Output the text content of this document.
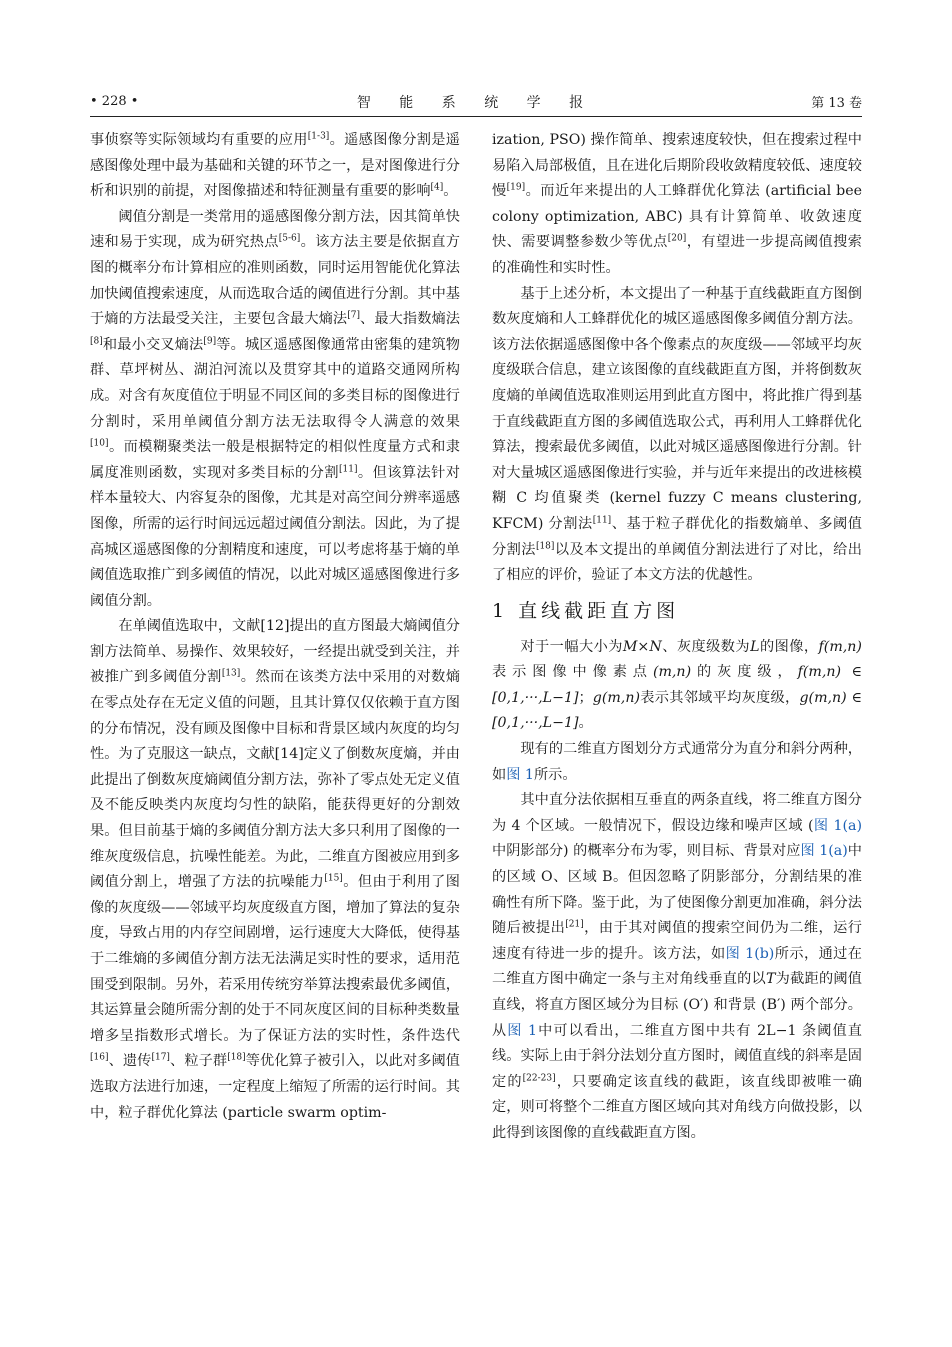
• 228 •	智 能 系 统 学 报	第 13 卷

事侦察等实际领域均有重要的应用[1-3]。遥感图像分割是遥感图像处理中最为基础和关键的环节之一，是对图像进行分析和识别的前提，对图像描述和特征测量有重要的影响[4]。

阈值分割是一类常用的遥感图像分割方法，因其简单快速和易于实现，成为研究热点[5-6]。该方法主要是依据直方图的概率分布计算相应的准则函数，同时运用智能优化算法加快阈值搜索速度，从而选取合适的阈值进行分割。其中基于熵的方法最受关注，主要包含最大熵法[7]、最大指数熵法[8]和最小交叉熵法[9]等。城区遥感图像通常由密集的建筑物群、草坪树丛、湖泊河流以及贯穿其中的道路交通网所构成。对含有灰度值位于明显不同区间的多类目标的图像进行分割时，采用单阈值分割方法无法取得令人满意的效果[10]。而模糊聚类法一般是根据特定的相似性度量方式和隶属度准则函数，实现对多类目标的分割[11]。但该算法针对样本量较大、内容复杂的图像，尤其是对高空间分辨率遥感图像，所需的运行时间远远超过阈值分割法。因此，为了提高城区遥感图像的分割精度和速度，可以考虑将基于熵的单阈值选取推广到多阈值的情况，以此对城区遥感图像进行多阈值分割。

在单阈值选取中，文献[12]提出的直方图最大熵阈值分割方法简单、易操作、效果较好，一经提出就受到关注，并被推广到多阈值分割[13]。然而在该类方法中采用的对数熵在零点处存在无定义值的问题，且其计算仅仅依赖于直方图的分布情况，没有顾及图像中目标和背景区域内灰度的均匀性。为了克服这一缺点，文献[14]定义了倒数灰度熵，并由此提出了倒数灰度熵阈值分割方法，弥补了零点处无定义值及不能反映类内灰度均匀性的缺陷，能获得更好的分割效果。但目前基于熵的多阈值分割方法大多只利用了图像的一维灰度级信息，抗噪性能差。为此，二维直方图被应用到多阈值分割上，增强了方法的抗噪能力[15]。但由于利用了图像的灰度级——邻域平均灰度级直方图，增加了算法的复杂度，导致占用的内存空间剧增，运行速度大大降低，使得基于二维熵的多阈值分割方法无法满足实时性的要求，适用范围受到限制。另外，若采用传统穷举算法搜索最优多阈值，其运算量会随所需分割的处于不同灰度区间的目标种类数量增多呈指数形式增长。为了保证方法的实时性，条件迭代[16]、遗传[17]、粒子群[18]等优化算子被引入，以此对多阈值选取方法进行加速，一定程度上缩短了所需的运行时间。其中，粒子群优化算法 (particle swarm optim-

ization, PSO) 操作简单、搜索速度较快，但在搜索过程中易陷入局部极值，且在进化后期阶段收敛精度较低、速度较慢[19]。而近年来提出的人工蜂群优化算法 (artificial bee colony optimization, ABC) 具有计算简单、收敛速度快、需要调整参数少等优点[20]，有望进一步提高阈值搜索的准确性和实时性。

基于上述分析，本文提出了一种基于直线截距直方图倒数灰度熵和人工蜂群优化的城区遥感图像多阈值分割方法。该方法依据遥感图像中各个像素点的灰度级——邻域平均灰度级联合信息，建立该图像的直线截距直方图，并将倒数灰度熵的单阈值选取准则运用到此直方图中，将此推广得到基于直线截距直方图的多阈值选取公式，再利用人工蜂群优化算法，搜索最优多阈值，以此对城区遥感图像进行分割。针对大量城区遥感图像进行实验，并与近年来提出的改进核模糊 C 均值聚类 (kernel fuzzy C means clustering, KFCM) 分割法[11]、基于粒子群优化的指数熵单、多阈值分割法[18]以及本文提出的单阈值分割法进行了对比，给出了相应的评价，验证了本文方法的优越性。

1 直线截距直方图

对于一幅大小为M×N、灰度级数为L的图像，f(m,n)表示图像中像素点(m,n)的灰度级，f(m,n) ∈ [0,1,···,L−1]；g(m,n)表示其邻域平均灰度级，g(m,n) ∈ [0,1,···,L−1]。

现有的二维直方图划分方式通常分为直分和斜分两种，如图 1所示。

其中直分法依据相互垂直的两条直线，将二维直方图分为 4 个区域。一般情况下，假设边缘和噪声区域 (图 1(a)中阴影部分) 的概率分布为零，则目标、背景对应图 1(a)中的区域 O、区域 B。但因忽略了阴影部分，分割结果的准确性有所下降。鉴于此，为了使图像分割更加准确，斜分法随后被提出[21]，由于其对阈值的搜索空间仍为二维，运行速度有待进一步的提升。该方法，如图 1(b)所示，通过在二维直方图中确定一条与主对角线垂直的以T为截距的阈值直线，将直方图区域分为目标 (O′) 和背景 (B′) 两个部分。从图 1中可以看出，二维直方图中共有 2L−1 条阈值直线。实际上由于斜分法划分直方图时，阈值直线的斜率是固定的[22-23]，只要确定该直线的截距，该直线即被唯一确定，则可将整个二维直方图区域向其对角线方向做投影，以此得到该图像的直线截距直方图。
